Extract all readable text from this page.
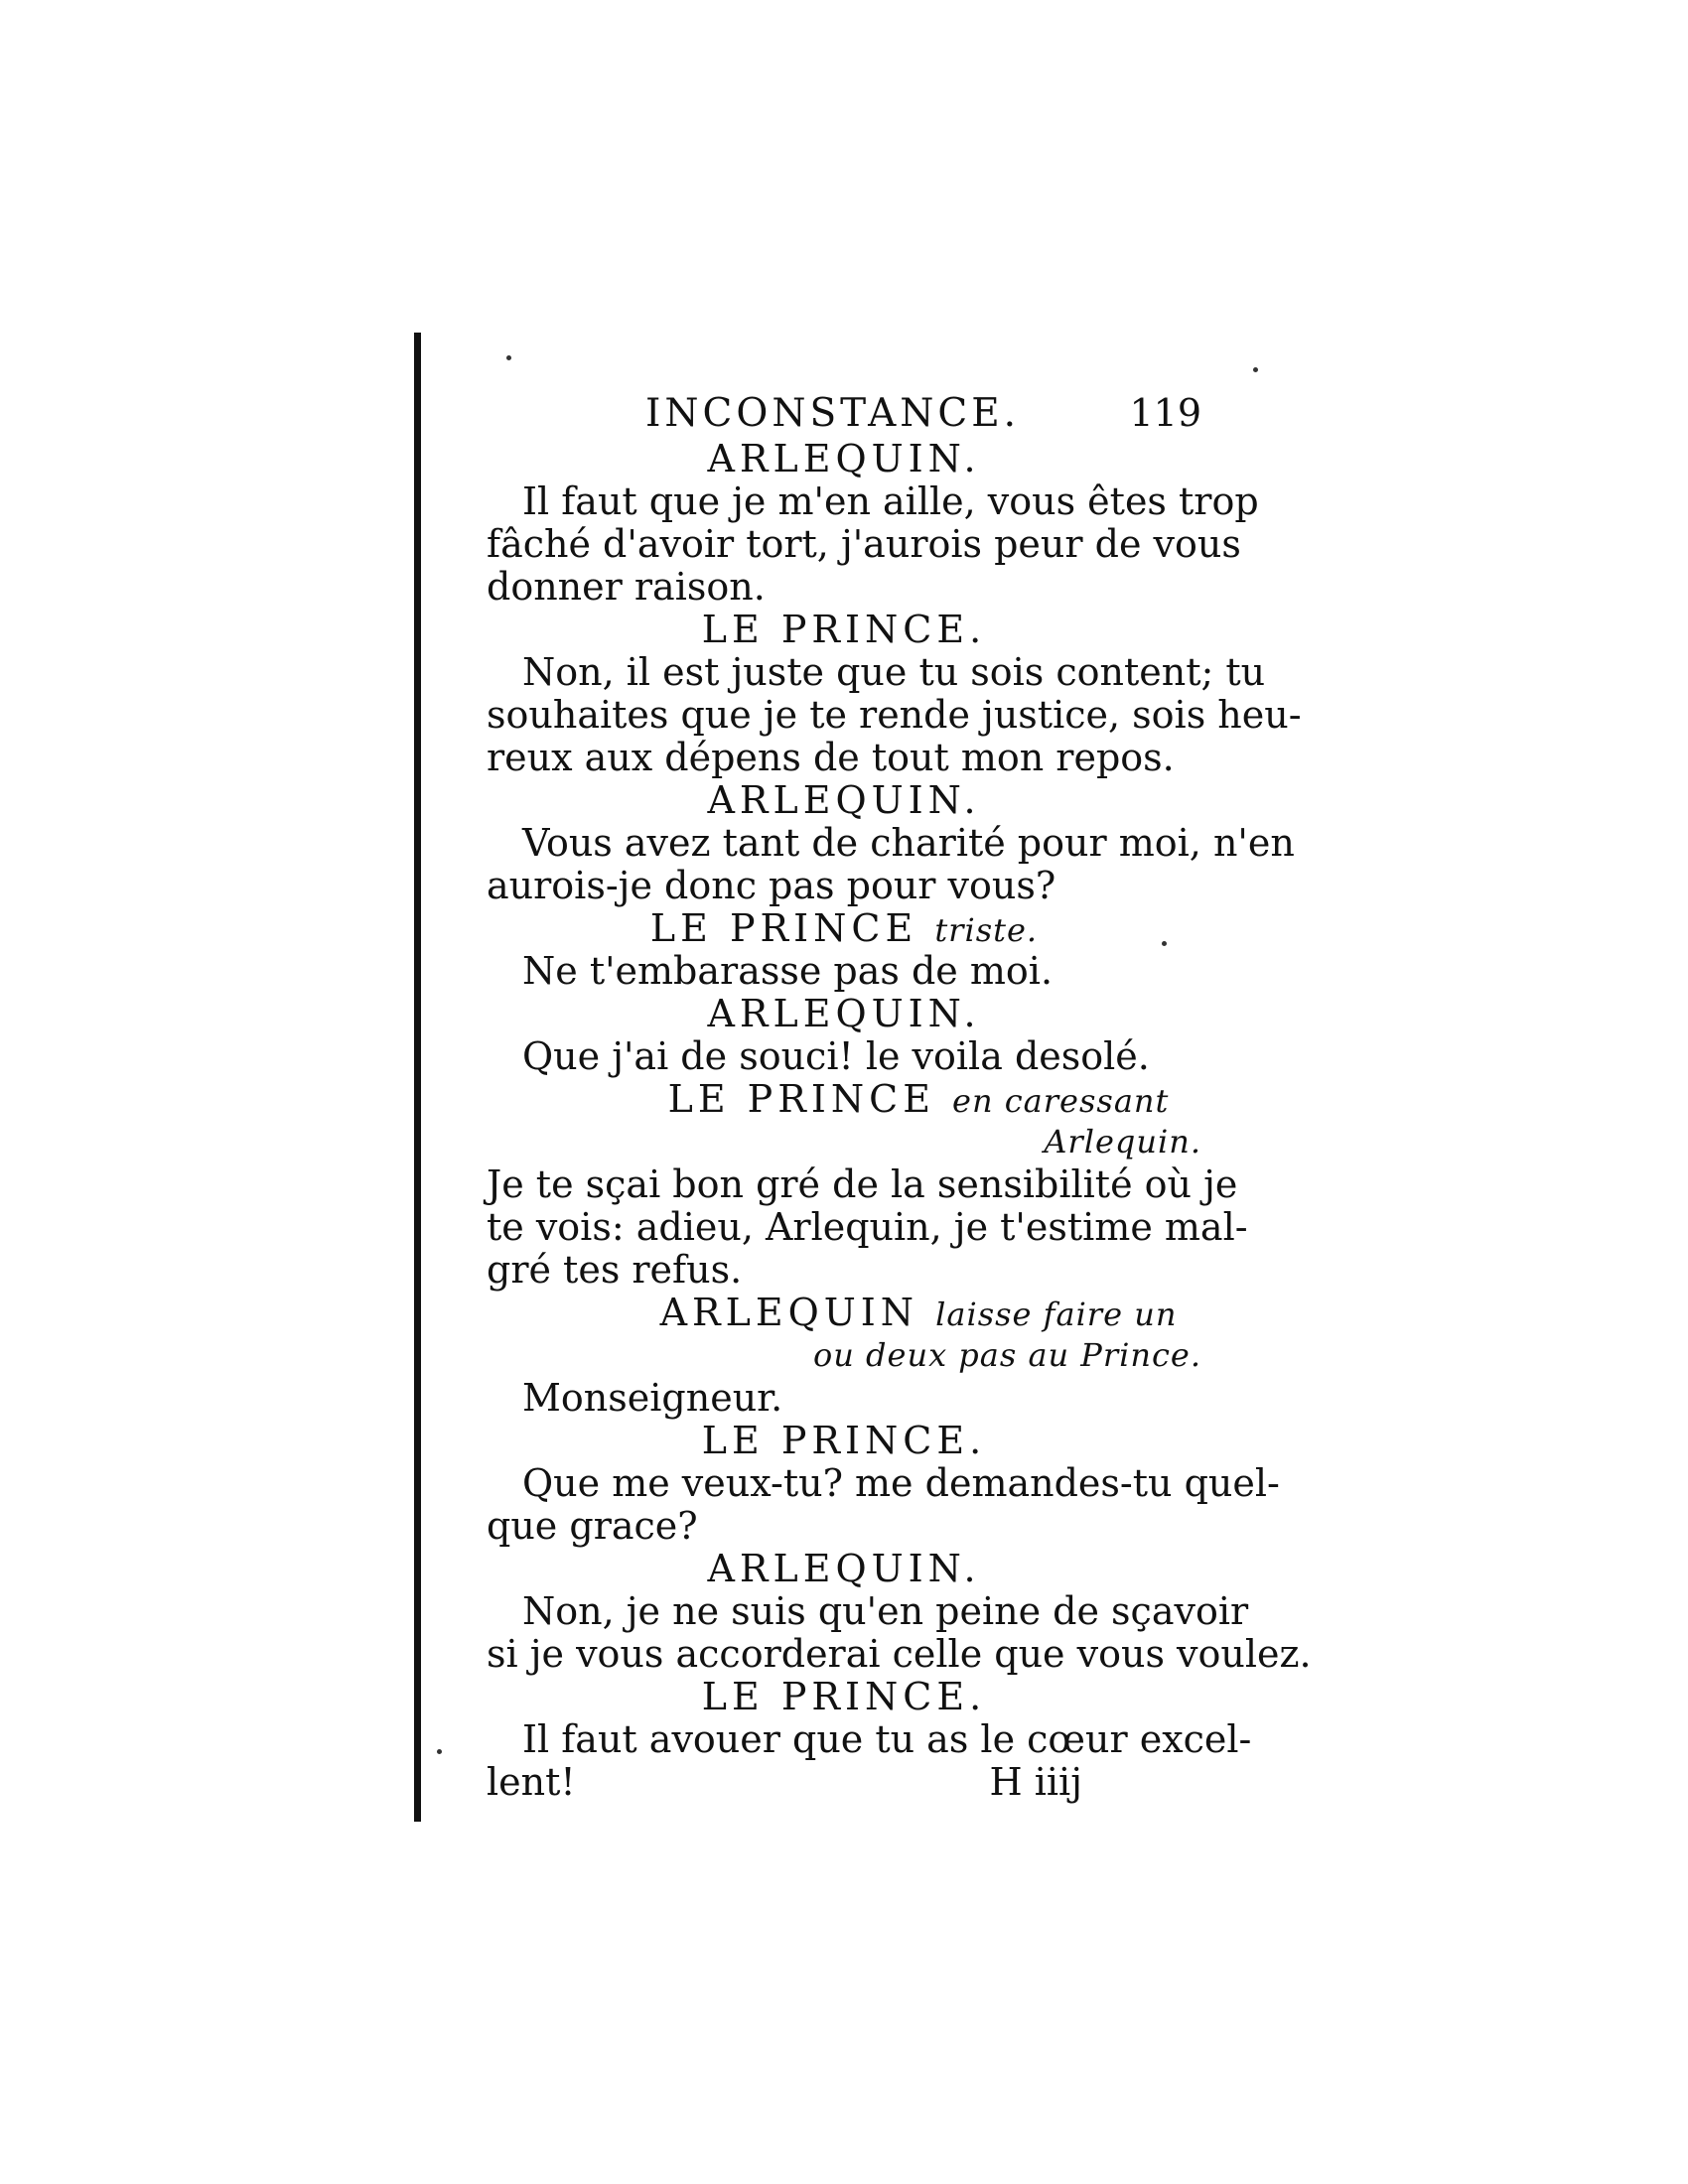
INCONSTANCE.	119
ARLEQUIN.
Il faut que je m'en aille, vous êtes trop
fâché d'avoir tort, j'aurois peur de vous
donner raison.
LE PRINCE.
Non, il est juste que tu sois content; tu
souhaites que je te rende justice, sois heu-
reux aux dépens de tout mon repos.
ARLEQUIN.
Vous avez tant de charité pour moi, n'en
aurois-je donc pas pour vous?
LE PRINCE triste.
Ne t'embarasse pas de moi.
ARLEQUIN.
Que j'ai de souci! le voila desolé.
LE PRINCE en caressant
Arlequin.
Je te sçai bon gré de la sensibilité où je
te vois: adieu, Arlequin, je t'estime mal-
gré tes refus.
ARLEQUIN laisse faire un
ou deux pas au Prince.
Monseigneur.
LE PRINCE.
Que me veux-tu? me demandes-tu quel-
que grace?
ARLEQUIN.
Non, je ne suis qu'en peine de sçavoir
si je vous accorderai celle que vous voulez.
LE PRINCE.
Il faut avouer que tu as le cœur excel-
lent!	H iiij
